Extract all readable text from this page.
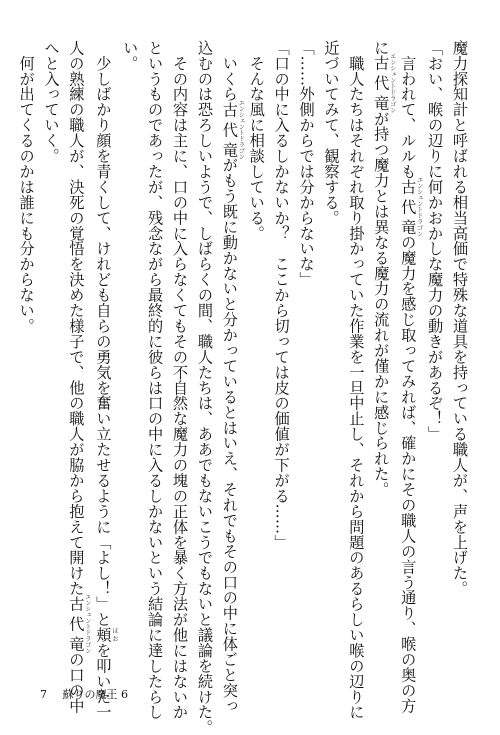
魔力探知計と呼ばれる相当高価で特殊な道具を持っている職人が、声を上げた。

「おい、喉の辺りに何かおかしな魔力の動きがあるぞ！」

　言われて、ルルも古代竜エンシェントドラゴンの魔力を感じ取ってみれば、確かにその職人の言う通り、喉の奥の方

に古代竜エンシェントドラゴンが持つ魔力とは異なる魔力の流れが僅かに感じられた。

　職人たちはそれぞれ取り掛かっていた作業を一旦中止し、それから問題のあるらしい喉の辺りに

近づいてみて、観察する。

「……外側からでは分からないな」

「口の中に入るしかないか？　ここから切っては皮の価値が下がる……」

　そんな風に相談している。

　いくら古代竜エンシェントドラゴンがもう既に動かないと分かっているとはいえ、それでもその口の中に体ごと突っ

込むのは恐ろしいようで、しばらくの間、職人たちは、ああでもないこうでもないと議論を続けた。

　その内容は主に、口の中に入らなくてもその不自然な魔力の塊の正体を暴く方法が他にはないか

というものであったが、残念ながら最終的に彼らは口の中に入るしかないという結論に達したらし

い。

　少しばかり顔を青くして、けれども自らの勇気を奮い立たせるように「よし！」と頬ほおを叩いた一

人の熟練の職人が、決死の覚悟を決めた様子で、他の職人が脇から抱えて開けた古代竜エンシェントドラゴンの口の中

へと入っていく。

　何が出てくるのかは誰にも分からない。

7 蘇りの魔王 6
